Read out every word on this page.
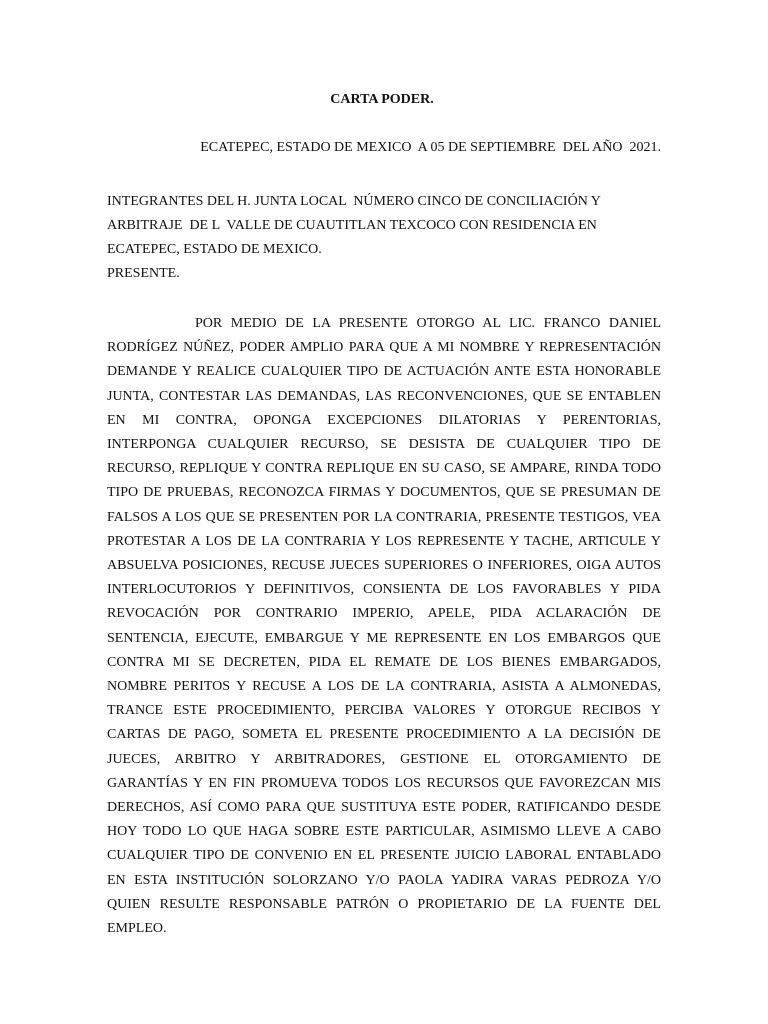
CARTA PODER.
ECATEPEC, ESTADO DE MEXICO  A 05 DE SEPTIEMBRE  DEL AÑO  2021.
INTEGRANTES DEL H. JUNTA LOCAL  NÚMERO CINCO DE CONCILIACIÓN Y
ARBITRAJE  DE L  VALLE DE CUAUTITLAN TEXCOCO CON RESIDENCIA EN
ECATEPEC, ESTADO DE MEXICO.
PRESENTE.
POR MEDIO DE LA PRESENTE OTORGO AL LIC. FRANCO DANIEL RODRÍGEZ NÚÑEZ, PODER AMPLIO PARA QUE A MI NOMBRE Y REPRESENTACIÓN DEMANDE Y REALICE CUALQUIER TIPO DE ACTUACIÓN ANTE ESTA HONORABLE JUNTA, CONTESTAR LAS DEMANDAS, LAS RECONVENCIONES, QUE SE ENTABLEN EN MI CONTRA, OPONGA EXCEPCIONES DILATORIAS Y PERENTORIAS, INTERPONGA CUALQUIER RECURSO, SE DESISTA DE CUALQUIER TIPO DE RECURSO, REPLIQUE Y CONTRA REPLIQUE EN SU CASO, SE AMPARE, RINDA TODO TIPO DE PRUEBAS, RECONOZCA FIRMAS Y DOCUMENTOS, QUE SE PRESUMAN DE FALSOS A LOS QUE SE PRESENTEN POR LA CONTRARIA, PRESENTE TESTIGOS, VEA PROTESTAR A LOS DE LA CONTRARIA Y LOS REPRESENTE Y TACHE, ARTICULE Y ABSUELVA POSICIONES, RECUSE JUECES SUPERIORES O INFERIORES, OIGA AUTOS INTERLOCUTORIOS Y DEFINITIVOS, CONSIENTA DE LOS FAVORABLES Y PIDA REVOCACIÓN POR CONTRARIO IMPERIO, APELE, PIDA ACLARACIÓN DE SENTENCIA, EJECUTE, EMBARGUE Y ME REPRESENTE EN LOS EMBARGOS QUE CONTRA MI SE DECRETEN, PIDA EL REMATE DE LOS BIENES EMBARGADOS, NOMBRE PERITOS Y RECUSE A LOS DE LA CONTRARIA, ASISTA A ALMONEDAS, TRANCE ESTE PROCEDIMIENTO, PERCIBA VALORES Y OTORGUE RECIBOS Y CARTAS DE PAGO, SOMETA EL PRESENTE PROCEDIMIENTO A LA DECISIÓN DE JUECES, ARBITRO Y ARBITRADORES, GESTIONE EL OTORGAMIENTO DE GARANTÍAS Y EN FIN PROMUEVA TODOS LOS RECURSOS QUE FAVOREZCAN MIS DERECHOS, ASÍ COMO PARA QUE SUSTITUYA ESTE PODER, RATIFICANDO DESDE HOY TODO LO QUE HAGA SOBRE ESTE PARTICULAR, ASIMISMO LLEVE A CABO CUALQUIER TIPO DE CONVENIO EN EL PRESENTE JUICIO LABORAL ENTABLADO EN ESTA INSTITUCIÓN SOLORZANO Y/O PAOLA YADIRA VARAS PEDROZA Y/O QUIEN RESULTE RESPONSABLE PATRÓN O PROPIETARIO DE LA FUENTE DEL EMPLEO.
